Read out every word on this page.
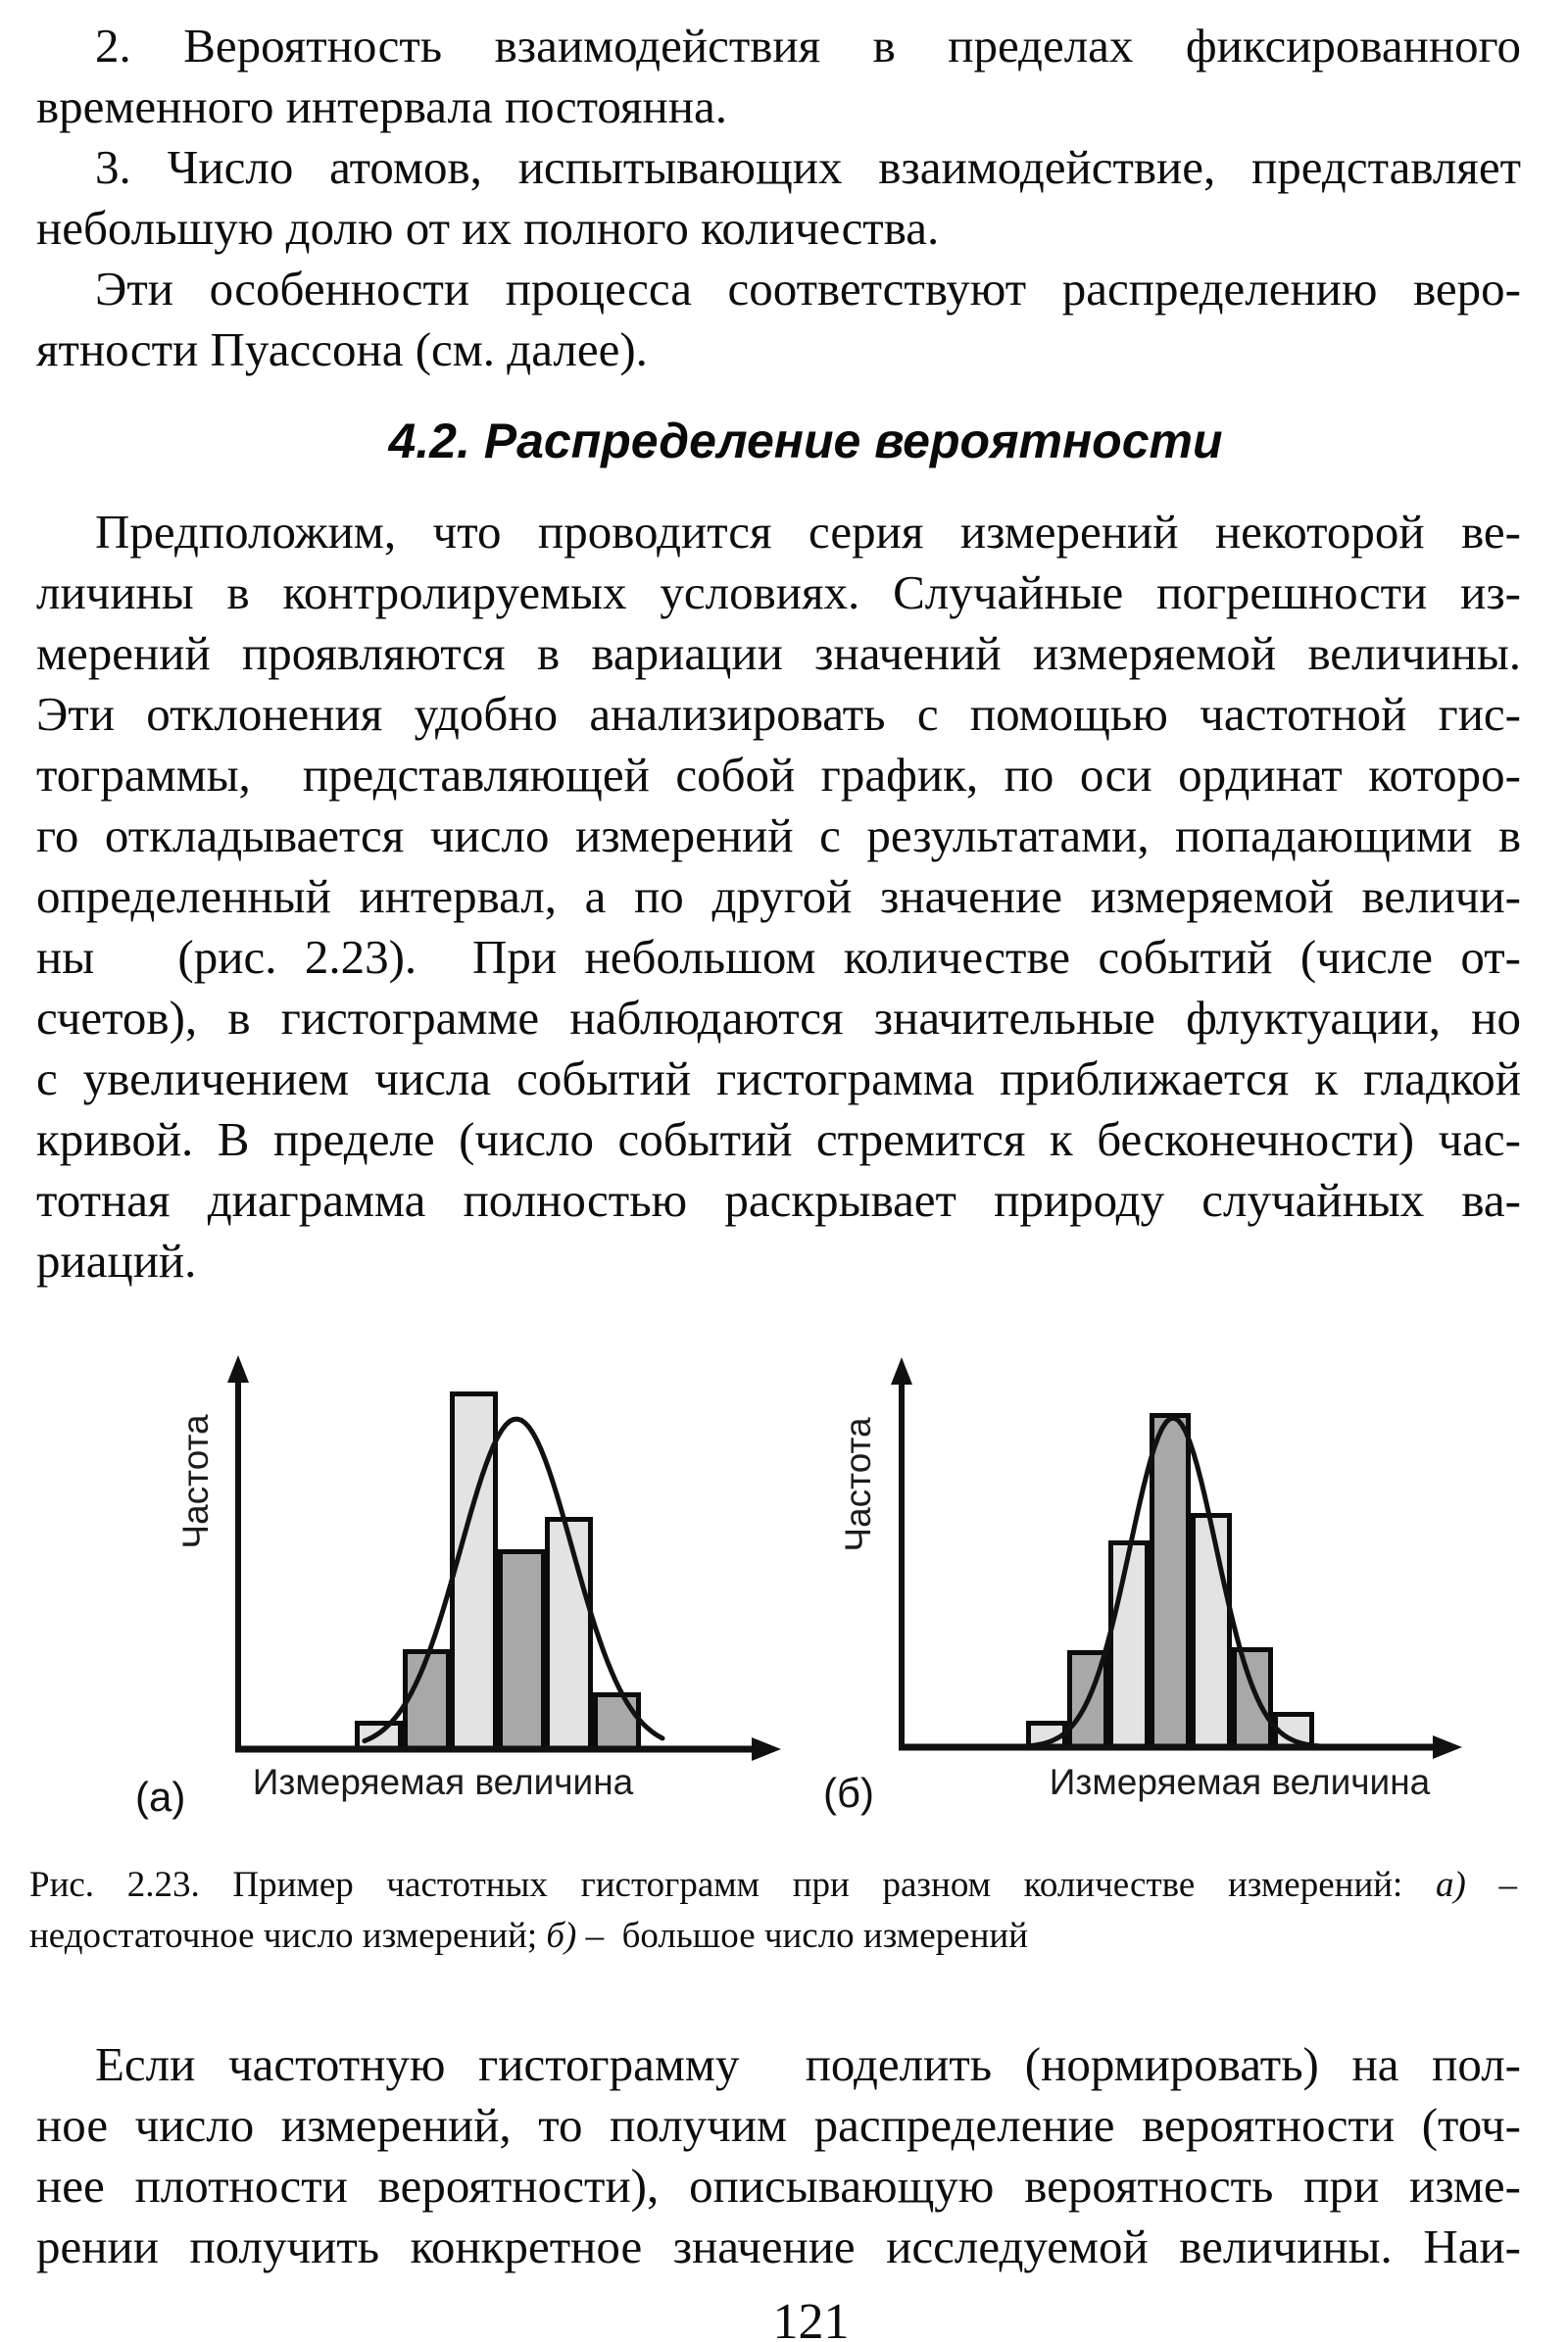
2. Вероятность взаимодействия в пределах фиксированного
временного интервала постоянна.
3. Число атомов, испытывающих взаимодействие, представляет
небольшую долю от их полного количества.
Эти особенности процесса соответствуют распределению веро-
ятности Пуассона (см. далее).
4.2. Распределение вероятности
Предположим, что проводится серия измерений некоторой ве-
личины в контролируемых условиях. Случайные погрешности из-
мерений проявляются в вариации значений измеряемой величины.
Эти отклонения удобно анализировать с помощью частотной гис-
тограммы,  представляющей собой график, по оси ординат которо-
го откладывается число измерений с результатами, попадающими в
определенный интервал, а по другой значение измеряемой величи-
ны   (рис. 2.23).  При небольшом количестве событий (числе от-
счетов), в гистограмме наблюдаются значительные флуктуации, но
с увеличением числа событий гистограмма приближается к гладкой
кривой. В пределе (число событий стремится к бесконечности) час-
тотная диаграмма полностью раскрывает природу случайных ва-
риаций.
Частота
Измеряемая величина
(а)
Частота
Измеряемая величина
(б)
Рис. 2.23. Пример частотных гистограмм при разном количестве измерений: а) –
недостаточное число измерений; б) –  большое число измерений
Если частотную гистограмму  поделить (нормировать) на пол-
ное число измерений, то получим распределение вероятности (точ-
нее плотности вероятности), описывающую вероятность при изме-
рении получить конкретное значение исследуемой величины. Наи-
121
